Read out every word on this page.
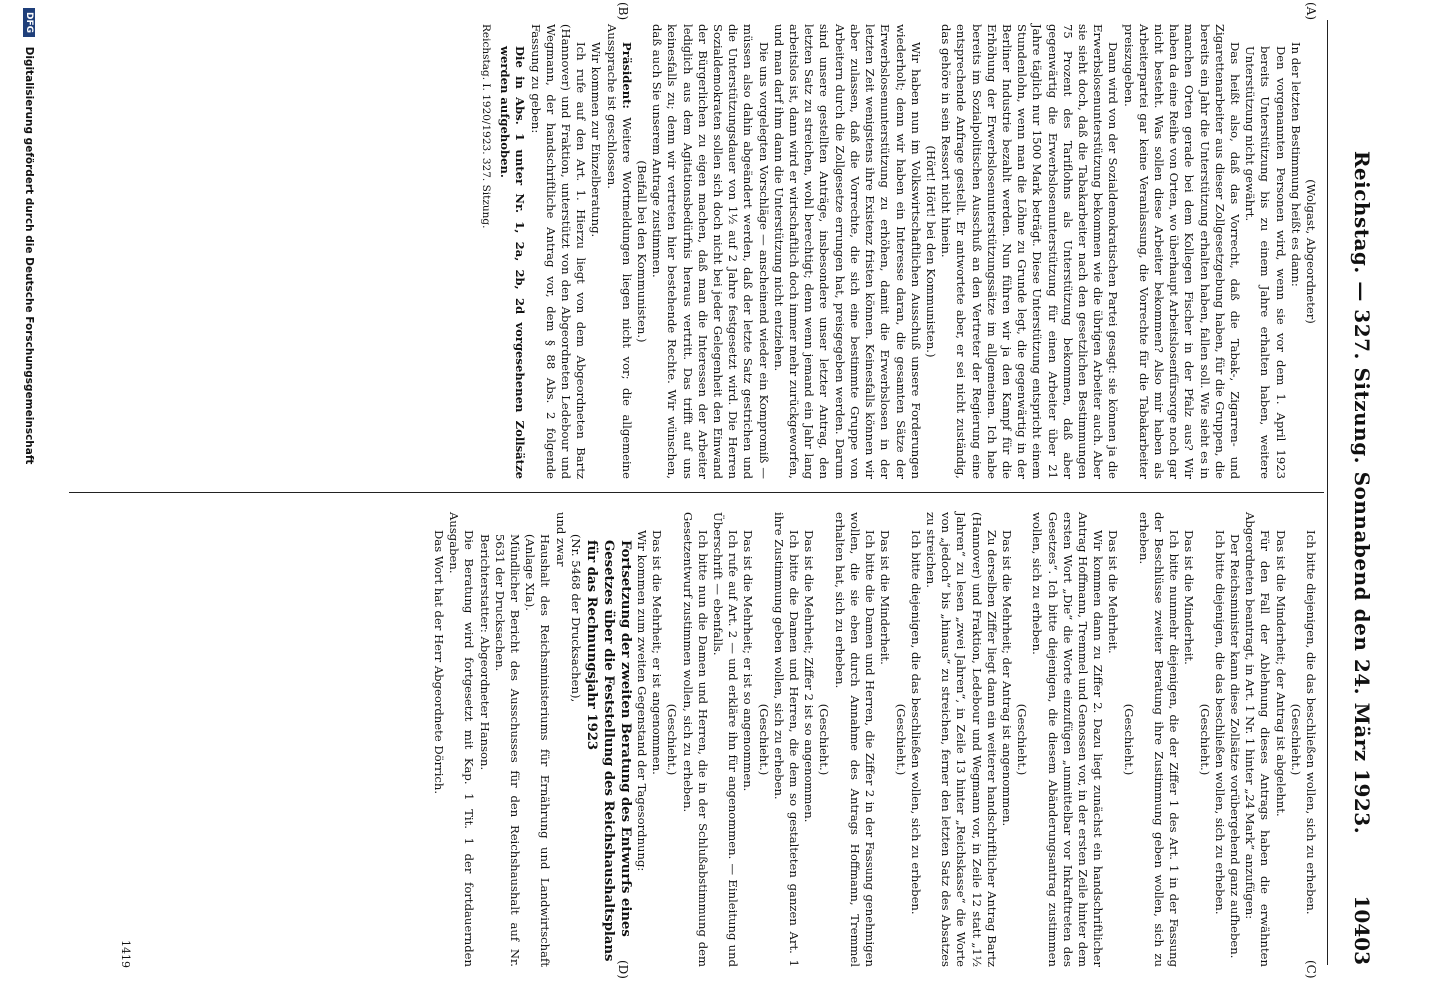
Reichstag. — 327. Sitzung. Sonnabend den 24. März 1923.
10403
(A)
(B)
(C)
(D)

(Wolgast, Abgeordneter)

In der letzten Bestimmung heißt es dann:

Den vorgenannten Personen wird, wenn sie vor dem 1. April 1923 bereits Unterstützung bis zu einem Jahre erhalten haben, weitere Unterstützung nicht gewährt.

Das heißt also, daß das Vorrecht, daß die Tabak-, Zigarren- und Zigarettenarbeiter aus dieser Zollgesetzgebung haben, für die Gruppen, die bereits ein Jahr die Unterstützung erhalten haben, fallen soll. Wie sieht es in manchen Orten gerade bei dem Kollegen Fischer in der Pfalz aus? Wir haben da eine Reihe von Orten, wo überhaupt Arbeitslosenfürsorge noch gar nicht besteht. Was sollen diese Arbeiter bekommen? Also mir haben als Arbeiterpartei gar keine Veranlassung, die Vorrechte für die Tabakarbeiter preiszugeben.

Dann wird von der Sozialdemokratischen Partei gesagt: sie können ja die Erwerbslosenunterstützung bekommen wie die übrigen Arbeiter auch. Aber sie sieht doch, daß die Tabakarbeiter nach den gesetzlichen Bestimmungen 75 Prozent des Tariflohns als Unterstützung bekommen, daß aber gegenwärtig die Erwerbslosenunterstützung für einen Arbeiter über 21 Jahre täglich nur 1500 Mark beträgt. Diese Unterstützung entspricht einem Stundenlohn, wenn man die Löhne zu Grunde legt, die gegenwärtig in der Berliner Industrie bezahlt werden. Nun führen wir ja den Kampf für die Erhöhung der Erwerbslosenunterstützungssätze im allgemeinen. Ich habe bereits im Sozialpolitischen Ausschuß an den Vertreter der Regierung eine entsprechende Anfrage gestellt. Er antwortete aber, er sei nicht zuständig, das gehöre in sein Ressort nicht hinein.

(Hört! Hört! bei den Kommunisten.)

Wir haben nun im Volkswirtschaftlichen Ausschuß unsere Forderungen wiederholt; denn wir haben ein Interesse daran, die gesamten Sätze der Erwerbslosenunterstützung zu erhöhen, damit die Erwerbslosen in der letzten Zeit wenigstens ihre Existenz fristen können. Keinesfalls können wir aber zulassen, daß die Vorrechte, die sich eine bestimmte Gruppe von Arbeitern durch die Zollgesetze errungen hat, preisgegeben werden. Darum sind unsere gestellten Anträge, insbesondere unser letzter Antrag, den letzten Satz zu streichen, wohl berechtigt; denn wenn jemand ein Jahr lang arbeitslos ist, dann wird er wirtschaftlich doch immer mehr zurückgeworfen, und man darf ihm dann die Unterstützung nicht entziehen.

Die uns vorgelegten Vorschläge — anscheinend wieder ein Kompromiß — müssen also dahin abgeändert werden, daß der letzte Satz gestrichen und die Unterstützungsdauer von 1½ auf 2 Jahre festgesetzt wird. Die Herren Sozialdemokraten sollen sich doch nicht bei jeder Gelegenheit den Einwand der Bürgerlichen zu eigen machen, daß man die Interessen der Arbeiter lediglich aus dem Agitationsbedürfnis heraus vertritt. Das trifft auf uns keinesfalls zu; denn wir vertreten hier bestehende Rechte. Wir wünschen, daß auch Sie unserem Antrage zustimmen.

(Beifall bei den Kommunisten.)

Präsident: Weitere Wortmeldungen liegen nicht vor; die allgemeine Aussprache ist geschlossen.

Wir kommen zur Einzelberatung.

Ich rufe auf den Art. 1. Hierzu liegt von dem Abgeordneten Bartz (Hannover) und Fraktion, unterstützt von den Abgeordneten Ledebour und Wegmann, der handschriftliche Antrag vor, dem § 88 Abs. 2 folgende Fassung zu geben:

Die in Abs. 1 unter Nr. 1, 2a, 2b, 2d vorgesehenen Zollsätze werden aufgehoben.

Reichstag. I. 1920/1923. 327. Sitzung.

Ich bitte diejenigen, die das beschließen wollen, sich zu erheben.

(Geschieht.)

Das ist die Minderheit; der Antrag ist abgelehnt.

Für den Fall der Ablehnung dieses Antrags haben die erwähnten Abgeordneten beantragt, in Art. 1 Nr. 1 hinter „24 Mark“ anzufügen:

Der Reichsminister kann diese Zollsätze vorübergehend ganz aufheben.

Ich bitte diejenigen, die das beschließen wollen, sich zu erheben.

(Geschieht.)

Das ist die Minderheit.

Ich bitte nunmehr diejenigen, die der Ziffer 1 des Art. 1 in der Fassung der Beschlüsse zweiter Beratung ihre Zustimmung geben wollen, sich zu erheben.

(Geschieht.)

Das ist die Mehrheit.

Wir kommen dann zu Ziffer 2. Dazu liegt zunächst ein handschriftlicher Antrag Hoffmann, Tremmel und Genossen vor, in der ersten Zeile hinter dem ersten Wort „Die“ die Worte einzufügen „unmittelbar vor Inkrafttreten des Gesetzes“. Ich bitte diejenigen, die diesem Abänderungsantrag zustimmen wollen, sich zu erheben.

(Geschieht.)

Das ist die Mehrheit; der Antrag ist angenommen.

Zu derselben Ziffer liegt dann ein weiterer handschriftlicher Antrag Bartz (Hannover) und Fraktion, Ledebour und Wegmann vor, in Zeile 12 statt „1½ Jahren“ zu lesen „zwei Jahren“, in Zeile 13 hinter „Reichskasse“ die Worte von „jedoch“ bis „hinaus“ zu streichen, ferner den letzten Satz des Absatzes zu streichen.

Ich bitte diejenigen, die das beschließen wollen, sich zu erheben.

(Geschieht.)

Das ist die Minderheit.

Ich bitte die Damen und Herren, die Ziffer 2 in der Fassung genehmigen wollen, die sie eben durch Annahme des Antrags Hoffmann, Tremmel erhalten hat, sich zu erheben.

(Geschieht.)

Das ist die Mehrheit; Ziffer 2 ist so angenommen.

Ich bitte die Damen und Herren, die dem so gestalteten ganzen Art. 1 ihre Zustimmung geben wollen, sich zu erheben.

(Geschieht.)

Das ist die Mehrheit; er ist so angenommen.

Ich rufe auf Art. 2 — und erkläre ihn für angenommen. — Einleitung und Überschrift — ebenfalls.

Ich bitte nun die Damen und Herren, die in der Schlußabstimmung dem Gesetzentwurf zustimmen wollen, sich zu erheben.

(Geschieht.)

Das ist die Mehrheit; er ist angenommen.

Wir kommen zum zweiten Gegenstand der Tagesordnung:

Fortsetzung der zweiten Beratung des Entwurfs eines Gesetzes über die Feststellung des Reichshaushaltsplans für das Rechnungsjahr 1923

(Nr. 5468 der Drucksachen),

und zwar

Haushalt des Reichsministeriums für Ernährung und Landwirtschaft (Anlage XIa).

Mündlicher Bericht des Ausschusses für den Reichshaushalt auf Nr. 5631 der Drucksachen.

Berichterstatter: Abgeordneter Hanson.

Die Beratung wird fortgesetzt mit Kap. 1 Tit. 1 der fortdauernden Ausgaben.

Das Wort hat der Herr Abgeordnete Dörrich.

1419
DFG Digitalisierung gefördert durch die Deutsche Forschungsgemeinschaft
